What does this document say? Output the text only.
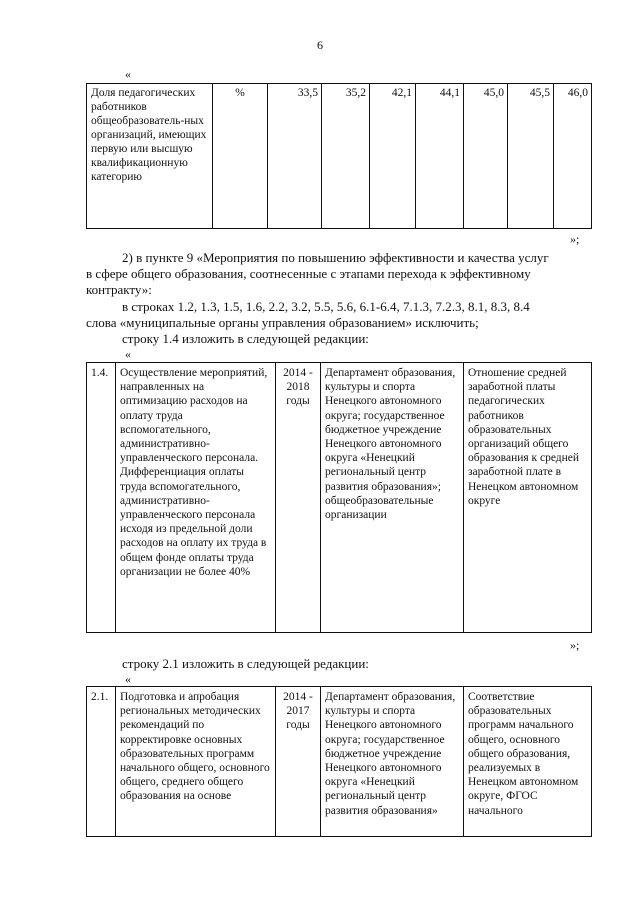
6
«
Доля педагогических работников общеобразователь-ных организаций, имеющих первую или высшую квалификационную категорию	%	33,5	35,2	42,1	44,1	45,0	45,5	46,0
»;
2) в пункте 9 «Мероприятия по повышению эффективности и качества услуг
в сфере общего образования, соотнесенные с этапами перехода к эффективному
контракту»:
в строках 1.2, 1.3, 1.5, 1.6, 2.2, 3.2, 5.5, 5.6, 6.1-6.4, 7.1.3, 7.2.3, 8.1, 8.3, 8.4
слова «муниципальные органы управления образованием» исключить;
строку 1.4 изложить в следующей редакции:
«
1.4.	Осуществление мероприятий, направленных на оптимизацию расходов на оплату труда вспомогательного, административно-управленческого персонала. Дифференциация оплаты труда вспомогательного, административно-управленческого персонала исходя из предельной доли расходов на оплату их труда в общем фонде оплаты труда организации не более 40%	2014 - 2018 годы	Департамент образования, культуры и спорта Ненецкого автономного округа; государственное бюджетное учреждение Ненецкого автономного округа «Ненецкий региональный центр развития образования»; общеобразовательные организации	Отношение средней заработной платы педагогических работников образовательных организаций общего образования к средней заработной плате в Ненецком автономном округе
»;
строку 2.1 изложить в следующей редакции:
«
2.1.	Подготовка и апробация региональных методических рекомендаций по корректировке основных образовательных программ начального общего, основного общего, среднего общего образования на основе	2014 - 2017 годы	Департамент образования, культуры и спорта Ненецкого автономного округа; государственное бюджетное учреждение Ненецкого автономного округа «Ненецкий региональный центр развития образования»	Соответствие образовательных программ начального общего, основного общего образования, реализуемых в Ненецком автономном округе, ФГОС начального
